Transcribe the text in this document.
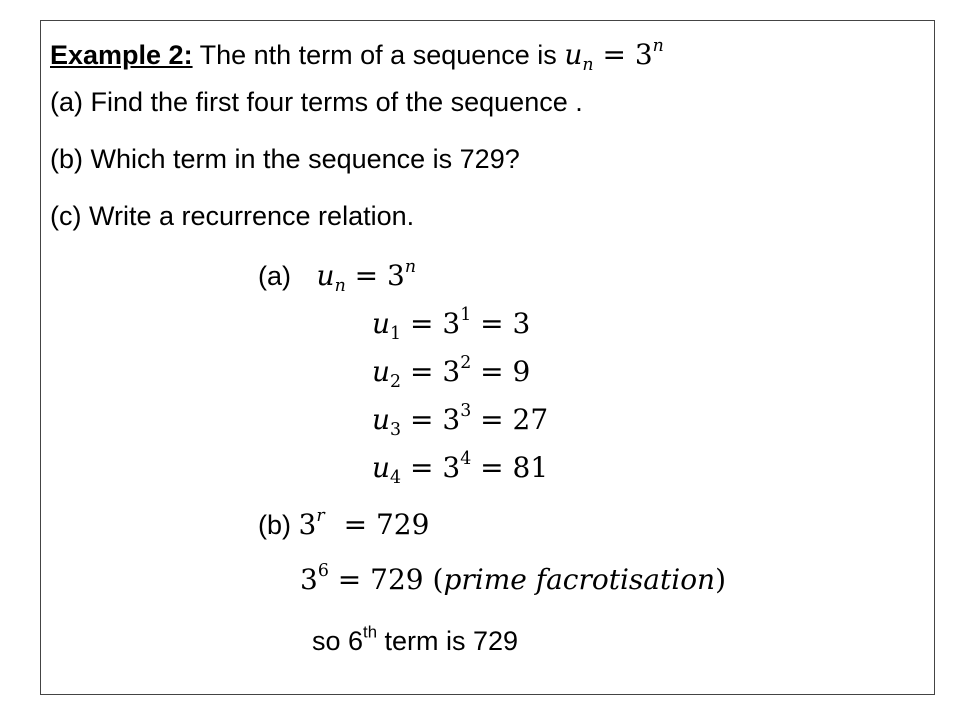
Example 2: The nth term of a sequence is $u_n = 3^n$
(a) Find the first four terms of the sequence .
(b) Which term in the sequence is 729?
(c) Write a recurrence relation.
(a) $u_n = 3^n$
$u_1 = 3^1 = 3$
$u_2 = 3^2 = 9$
$u_3 = 3^3 = 27$
$u_4 = 3^4 = 81$
(b) $3^r = 729$
$3^6 = 729$ (prime facrotisation)
so 6th term is 729
